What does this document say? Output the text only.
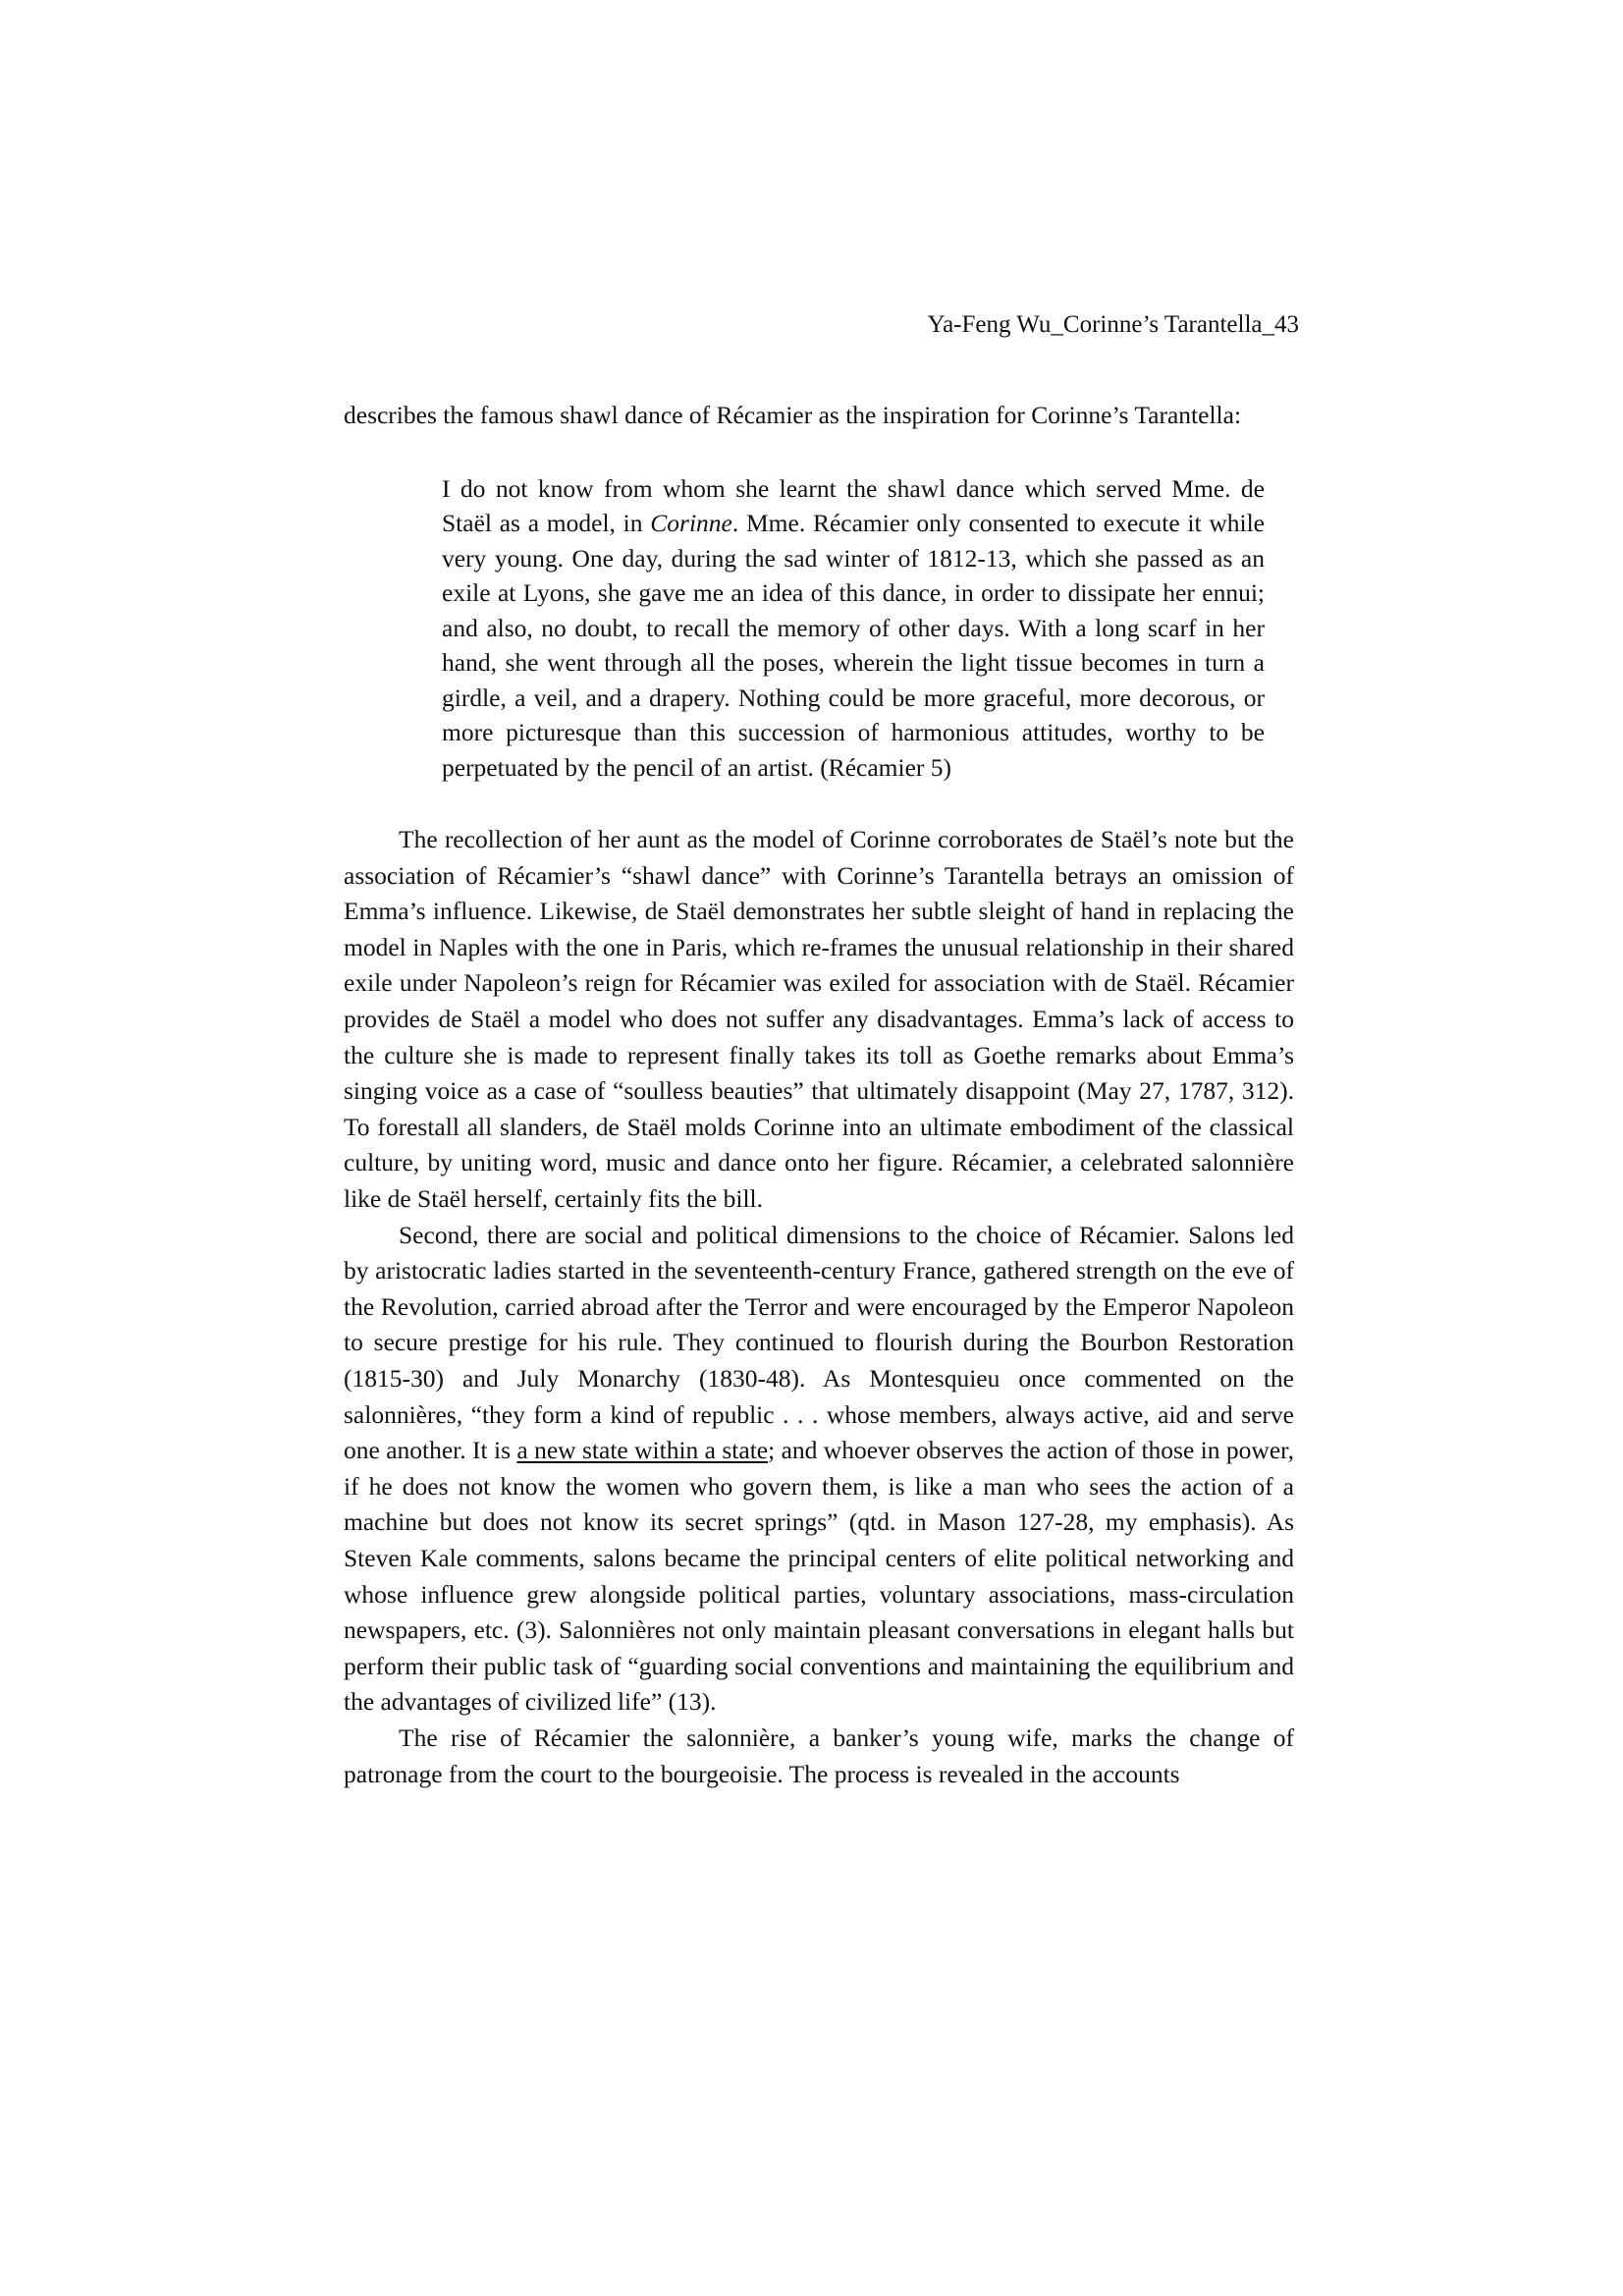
Ya-Feng Wu_Corinne’s Tarantella_43

describes the famous shawl dance of Récamier as the inspiration for Corinne’s Tarantella:

I do not know from whom she learnt the shawl dance which served Mme. de Staël as a model, in Corinne. Mme. Récamier only consented to execute it while very young. One day, during the sad winter of 1812-13, which she passed as an exile at Lyons, she gave me an idea of this dance, in order to dissipate her ennui; and also, no doubt, to recall the memory of other days. With a long scarf in her hand, she went through all the poses, wherein the light tissue becomes in turn a girdle, a veil, and a drapery. Nothing could be more graceful, more decorous, or more picturesque than this succession of harmonious attitudes, worthy to be perpetuated by the pencil of an artist. (Récamier 5)

The recollection of her aunt as the model of Corinne corroborates de Staël’s note but the association of Récamier’s “shawl dance” with Corinne’s Tarantella betrays an omission of Emma’s influence. Likewise, de Staël demonstrates her subtle sleight of hand in replacing the model in Naples with the one in Paris, which re-frames the unusual relationship in their shared exile under Napoleon’s reign for Récamier was exiled for association with de Staël. Récamier provides de Staël a model who does not suffer any disadvantages. Emma’s lack of access to the culture she is made to represent finally takes its toll as Goethe remarks about Emma’s singing voice as a case of “soulless beauties” that ultimately disappoint (May 27, 1787, 312). To forestall all slanders, de Staël molds Corinne into an ultimate embodiment of the classical culture, by uniting word, music and dance onto her figure. Récamier, a celebrated salonnière like de Staël herself, certainly fits the bill.

Second, there are social and political dimensions to the choice of Récamier. Salons led by aristocratic ladies started in the seventeenth-century France, gathered strength on the eve of the Revolution, carried abroad after the Terror and were encouraged by the Emperor Napoleon to secure prestige for his rule. They continued to flourish during the Bourbon Restoration (1815-30) and July Monarchy (1830-48). As Montesquieu once commented on the salonnières, “they form a kind of republic . . . whose members, always active, aid and serve one another. It is a new state within a state; and whoever observes the action of those in power, if he does not know the women who govern them, is like a man who sees the action of a machine but does not know its secret springs” (qtd. in Mason 127-28, my emphasis). As Steven Kale comments, salons became the principal centers of elite political networking and whose influence grew alongside political parties, voluntary associations, mass-circulation newspapers, etc. (3). Salonnières not only maintain pleasant conversations in elegant halls but perform their public task of “guarding social conventions and maintaining the equilibrium and the advantages of civilized life” (13).

The rise of Récamier the salonnière, a banker’s young wife, marks the change of patronage from the court to the bourgeoisie. The process is revealed in the accounts
